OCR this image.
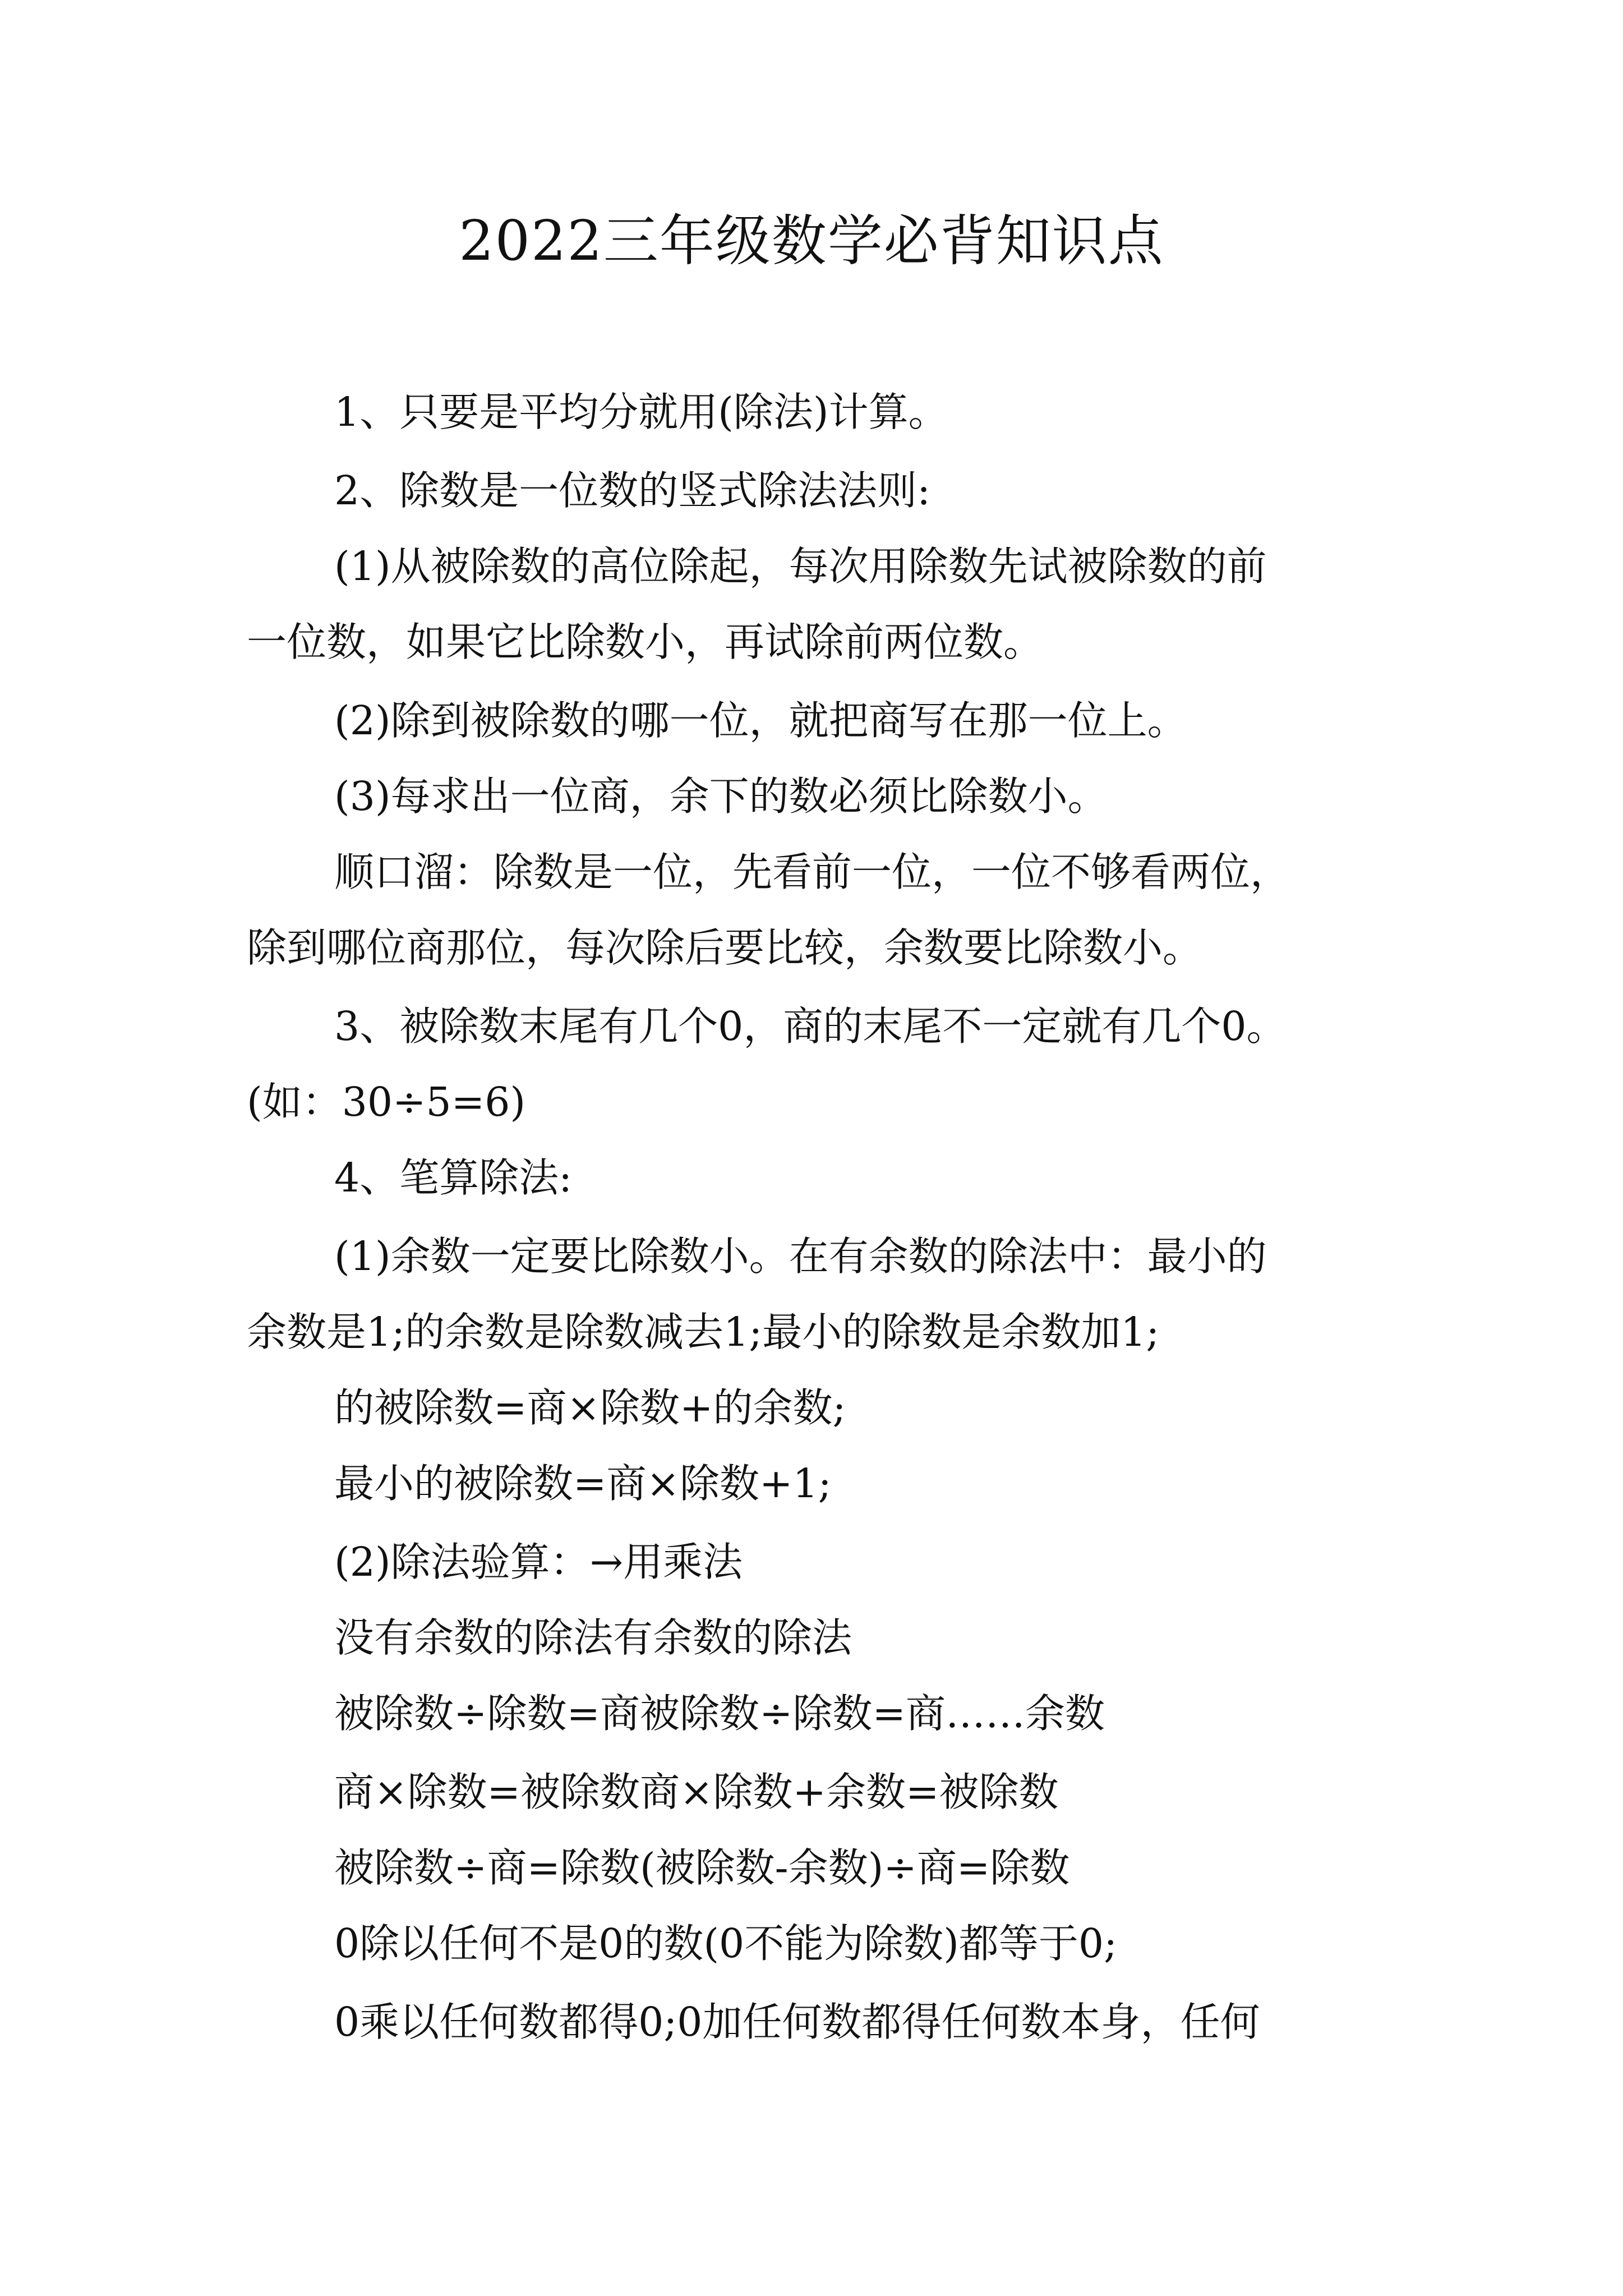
2022三年级数学必背知识点
1、只要是平均分就用(除法)计算。
2、除数是一位数的竖式除法法则:
(1)从被除数的高位除起，每次用除数先试被除数的前
一位数，如果它比除数小，再试除前两位数。
(2)除到被除数的哪一位，就把商写在那一位上。
(3)每求出一位商，余下的数必须比除数小。
顺口溜：除数是一位，先看前一位，一位不够看两位，
除到哪位商那位，每次除后要比较，余数要比除数小。
3、被除数末尾有几个0，商的末尾不一定就有几个0。
(如：30÷5=6)
4、笔算除法:
(1)余数一定要比除数小。在有余数的除法中：最小的
余数是1;的余数是除数减去1;最小的除数是余数加1;
的被除数=商×除数+的余数;
最小的被除数=商×除数+1;
(2)除法验算：→用乘法
没有余数的除法有余数的除法
被除数÷除数=商被除数÷除数=商……余数
商×除数=被除数商×除数+余数=被除数
被除数÷商=除数(被除数-余数)÷商=除数
0除以任何不是0的数(0不能为除数)都等于0;
0乘以任何数都得0;0加任何数都得任何数本身，任何
